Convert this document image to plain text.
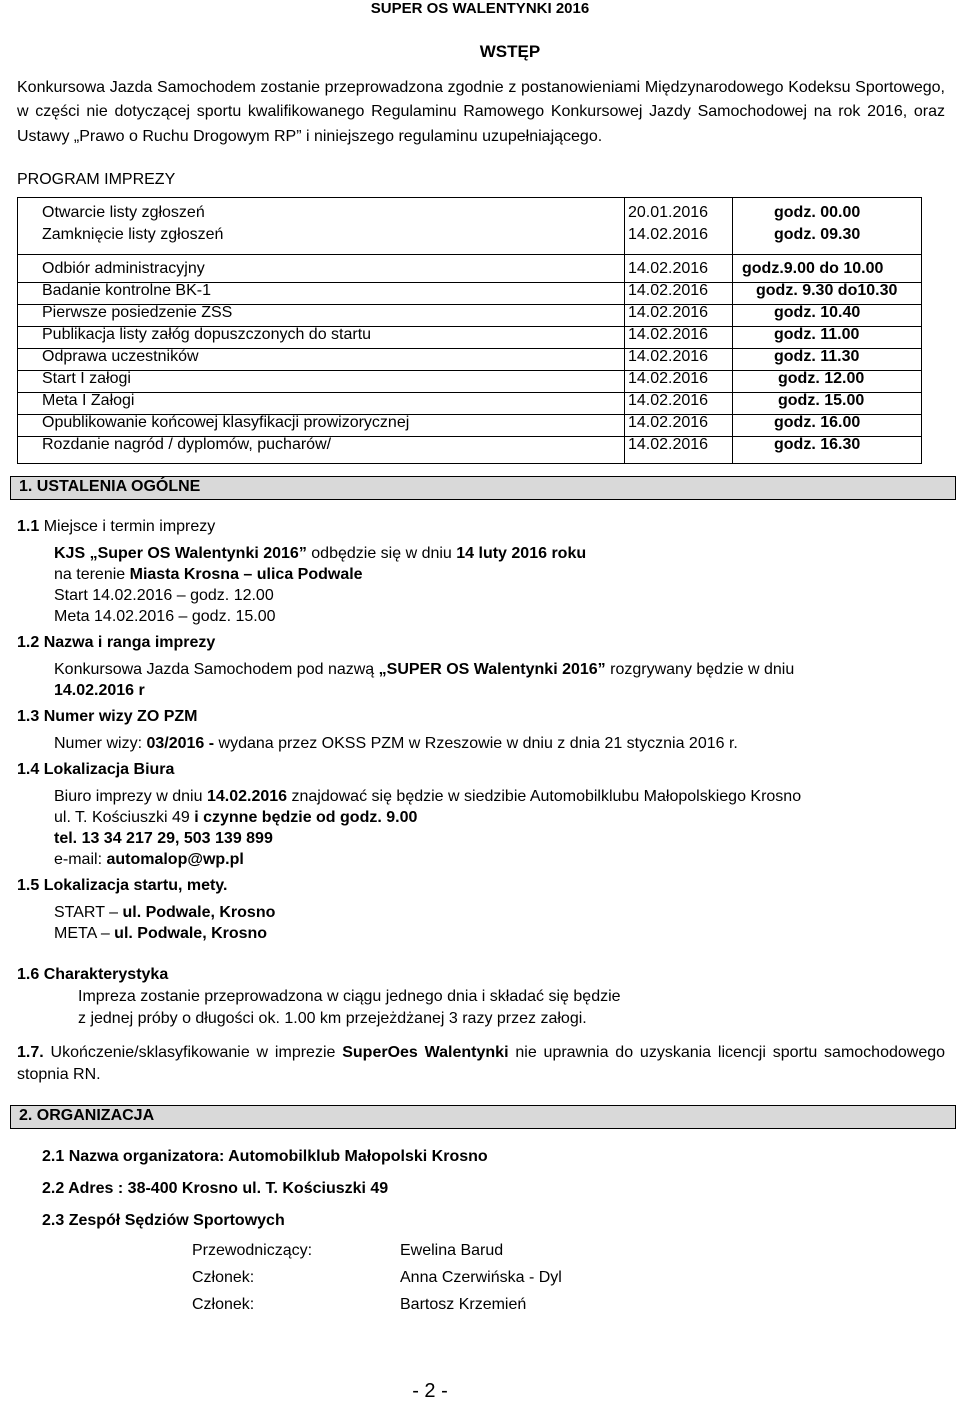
SUPER OS WALENTYNKI 2016
WSTĘP
Konkursowa Jazda Samochodem zostanie przeprowadzona zgodnie z postanowieniami Międzynarodowego Kodeksu Sportowego, w części nie dotyczącej sportu kwalifikowanego Regulaminu Ramowego Konkursowej Jazdy Samochodowej na rok 2016, oraz Ustawy „Prawo o Ruchu Drogowym RP” i niniejszego regulaminu uzupełniającego.
PROGRAM IMPREZY
Otwarcie listy zgłoszeń	20.01.2016	godz. 00.00
Zamknięcie listy zgłoszeń	14.02.2016	godz. 09.30
Odbiór administracyjny	14.02.2016 godz.9.00 do 10.00
Badanie kontrolne BK-1	14.02.2016	godz. 9.30 do10.30
Pierwsze posiedzenie ZSS	14.02.2016	godz. 10.40
Publikacja listy załóg dopuszczonych do startu	14.02.2016	godz. 11.00
Odprawa uczestników	14.02.2016	godz. 11.30
Start I załogi	14.02.2016	godz. 12.00
Meta I Załogi	14.02.2016	godz. 15.00
Opublikowanie końcowej klasyfikacji prowizorycznej	14.02.2016	godz. 16.00
Rozdanie nagród / dyplomów, pucharów/	14.02.2016	godz. 16.30
1. USTALENIA OGÓLNE
1.1 Miejsce i termin imprezy
KJS „Super OS Walentynki 2016” odbędzie się w dniu 14 luty 2016 roku
na terenie Miasta Krosna – ulica Podwale
Start 14.02.2016 – godz. 12.00
Meta 14.02.2016 – godz. 15.00
1.2 Nazwa i ranga imprezy
Konkursowa Jazda Samochodem pod nazwą „SUPER OS Walentynki 2016” rozgrywany będzie w dniu
14.02.2016 r
1.3 Numer wizy ZO PZM
Numer wizy: 03/2016 - wydana przez OKSS PZM w Rzeszowie w dniu z dnia 21 stycznia 2016 r.
1.4 Lokalizacja Biura
Biuro imprezy w dniu 14.02.2016 znajdować się będzie w siedzibie Automobilklubu Małopolskiego Krosno
ul. T. Kościuszki 49 i czynne będzie od godz. 9.00
tel. 13 34 217 29, 503 139 899
e-mail: automalop@wp.pl
1.5 Lokalizacja startu, mety.
START – ul. Podwale, Krosno
META – ul. Podwale, Krosno
1.6 Charakterystyka
Impreza zostanie przeprowadzona w ciągu jednego dnia i składać się będzie
z jednej próby o długości ok. 1.00 km przejeżdżanej 3 razy przez załogi.
1.7. Ukończenie/sklasyfikowanie w imprezie SuperOes Walentynki nie uprawnia do uzyskania licencji sportu samochodowego stopnia RN.
2. ORGANIZACJA
2.1 Nazwa organizatora: Automobilklub Małopolski Krosno
2.2 Adres : 38-400 Krosno ul. T. Kościuszki 49
2.3 Zespół Sędziów Sportowych
Przewodniczący:	Ewelina Barud
Członek:	Anna Czerwińska - Dyl
Członek:	Bartosz Krzemień
- 2 -
